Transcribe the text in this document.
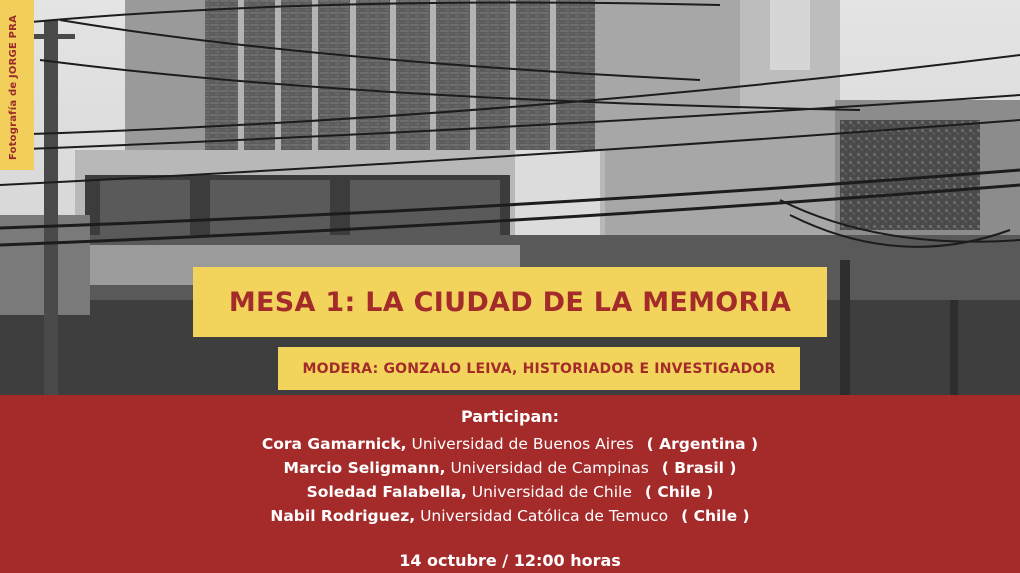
Fotografía de JORGE PRA
MESA 1: LA CIUDAD DE LA MEMORIA
MODERA: GONZALO LEIVA, HISTORIADOR E INVESTIGADOR
Participan:
Cora Gamarnick, Universidad de Buenos Aires ( Argentina )
Marcio Seligmann, Universidad de Campinas ( Brasil )
Soledad Falabella, Universidad de Chile ( Chile )
Nabil Rodriguez, Universidad Católica de Temuco ( Chile )
14 octubre / 12:00 horas
